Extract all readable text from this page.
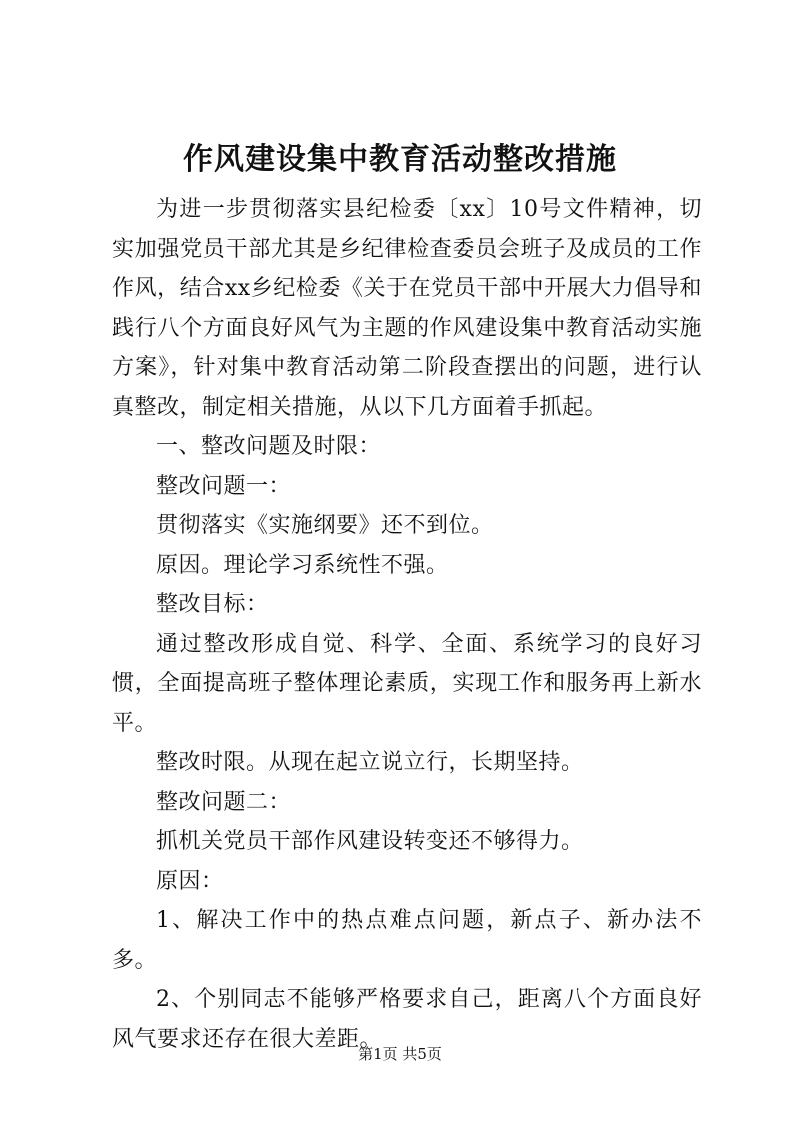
作风建设集中教育活动整改措施

为进一步贯彻落实县纪检委〔xx〕10号文件精神，切实加强党员干部尤其是乡纪律检查委员会班子及成员的工作作风，结合xx乡纪检委《关于在党员干部中开展大力倡导和践行八个方面良好风气为主题的作风建设集中教育活动实施方案》，针对集中教育活动第二阶段查摆出的问题，进行认真整改，制定相关措施，从以下几方面着手抓起。

一、整改问题及时限：

整改问题一：

贯彻落实《实施纲要》还不到位。

原因。理论学习系统性不强。

整改目标：

通过整改形成自觉、科学、全面、系统学习的良好习惯，全面提高班子整体理论素质，实现工作和服务再上新水平。

整改时限。从现在起立说立行，长期坚持。

整改问题二：

抓机关党员干部作风建设转变还不够得力。

原因：

1、解决工作中的热点难点问题，新点子、新办法不多。

2、个别同志不能够严格要求自己，距离八个方面良好风气要求还存在很大差距。

第1页 共5页
